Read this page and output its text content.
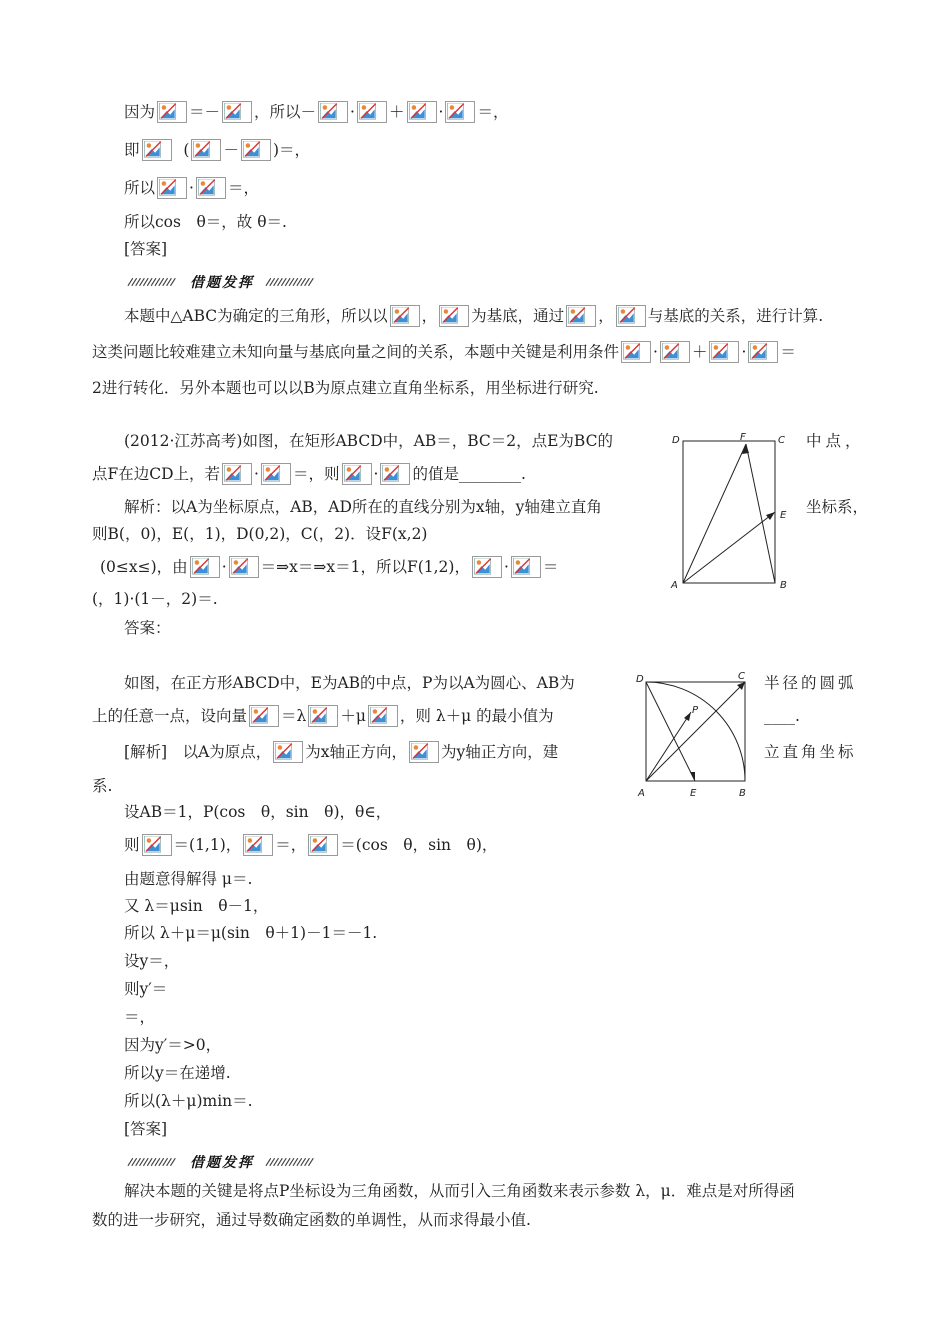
因为 ＝－ ，所以－ · ＋ · ＝，
即	( － )＝，
所以 · ＝，
所以cos　θ＝，故 θ＝.
[答案]
借题发挥
本题中△ABC为确定的三角形，所以以 ， 为基底，通过 ， 与基底的关系，进行计算.
这类问题比较难建立未知向量与基底向量之间的关系，本题中关键是利用条件 · ＋ · ＝
2进行转化．另外本题也可以以B为原点建立直角坐标系，用坐标进行研究.
(2012·江苏高考)如图，在矩形ABCD中，AB＝，BC＝2，点E为BC的	中点，
点F在边CD上，若 · ＝，则 · 的值是________.
解析：以A为坐标原点，AB，AD所在的直线分别为x轴，y轴建立直角	坐标系，
则B(，0)，E(，1)，D(0,2)，C(，2)．设F(x,2)
(0≤x≤)，由 · ＝⇒x＝⇒x＝1，所以F(1,2)， · ＝
(，1)·(1－，2)＝.
答案：
D	F	C
E
A	B
如图，在正方形ABCD中，E为AB的中点，P为以A为圆心、AB为	半径的圆弧
上的任意一点，设向量 ＝λ ＋μ ，则 λ＋μ 的最小值为	____.
[解析]　以A为原点， 为x轴正方向， 为y轴正方向，建	立直角坐标
系.
设AB＝1，P(cos　θ，sin　θ)，θ∈，
则 ＝(1,1)， ＝， ＝(cos　θ，sin　θ)，
由题意得解得 μ＝.
又 λ＝μsin　θ－1，
所以 λ＋μ＝μ(sin　θ＋1)－1＝－1.
设y＝，
则y′＝
＝，
因为y′＝>0，
所以y＝在递增.
所以(λ＋μ)min＝.
[答案]
D	C
P
A	E	B
借题发挥
解决本题的关键是将点P坐标设为三角函数，从而引入三角函数来表示参数 λ，μ．难点是对所得函
数的进一步研究，通过导数确定函数的单调性，从而求得最小值.
